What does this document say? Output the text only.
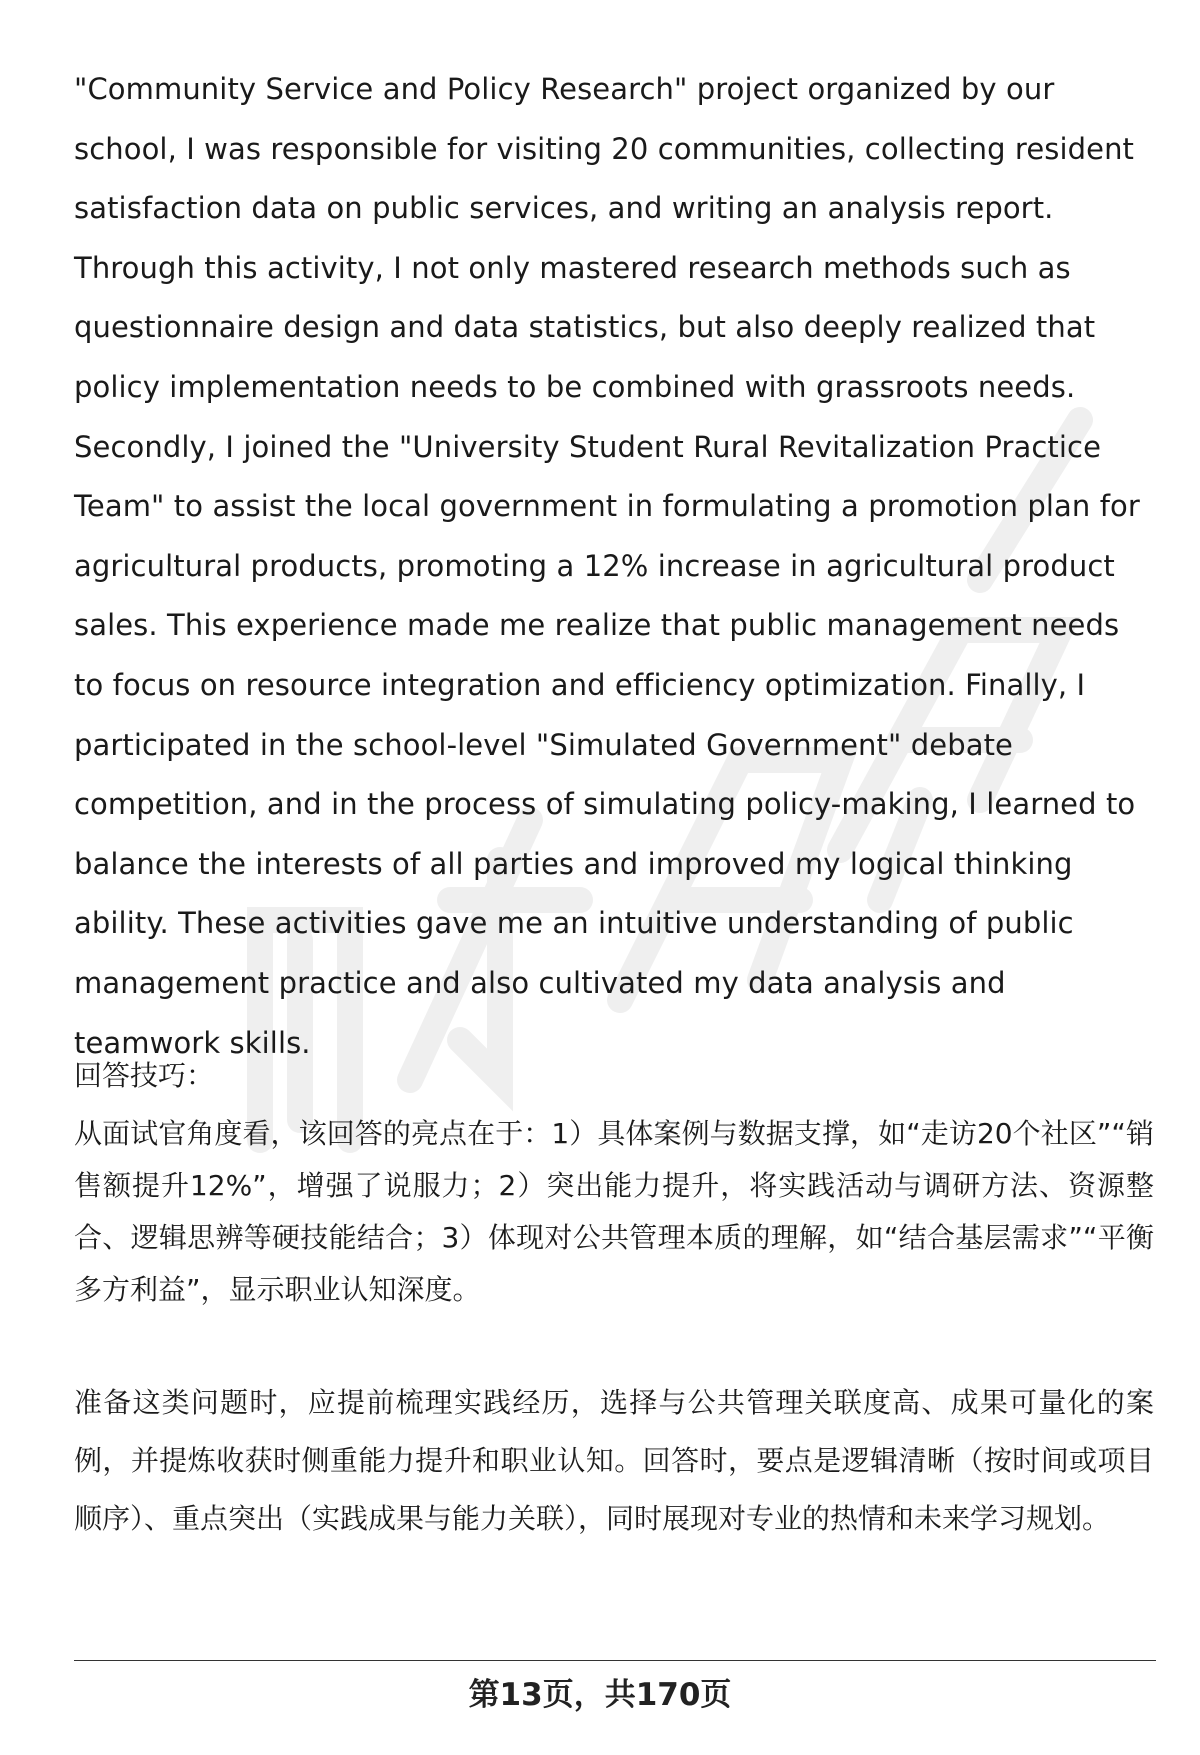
"Community Service and Policy Research" project organized by our school, I was responsible for visiting 20 communities, collecting resident satisfaction data on public services, and writing an analysis report. Through this activity, I not only mastered research methods such as questionnaire design and data statistics, but also deeply realized that policy implementation needs to be combined with grassroots needs. Secondly, I joined the "University Student Rural Revitalization Practice Team" to assist the local government in formulating a promotion plan for agricultural products, promoting a 12% increase in agricultural product sales. This experience made me realize that public management needs to focus on resource integration and efficiency optimization. Finally, I participated in the school-level "Simulated Government" debate competition, and in the process of simulating policy-making, I learned to balance the interests of all parties and improved my logical thinking ability. These activities gave me an intuitive understanding of public management practice and also cultivated my data analysis and teamwork skills.

回答技巧：

从面试官角度看，该回答的亮点在于：1）具体案例与数据支撑，如“走访20个社区”“销售额提升12%”，增强了说服力；2）突出能力提升，将实践活动与调研方法、资源整合、逻辑思辨等硬技能结合；3）体现对公共管理本质的理解，如“结合基层需求”“平衡多方利益”，显示职业认知深度。

准备这类问题时，应提前梳理实践经历，选择与公共管理关联度高、成果可量化的案例，并提炼收获时侧重能力提升和职业认知。回答时，要点是逻辑清晰（按时间或项目顺序）、重点突出（实践成果与能力关联），同时展现对专业的热情和未来学习规划。

第13页，共170页
